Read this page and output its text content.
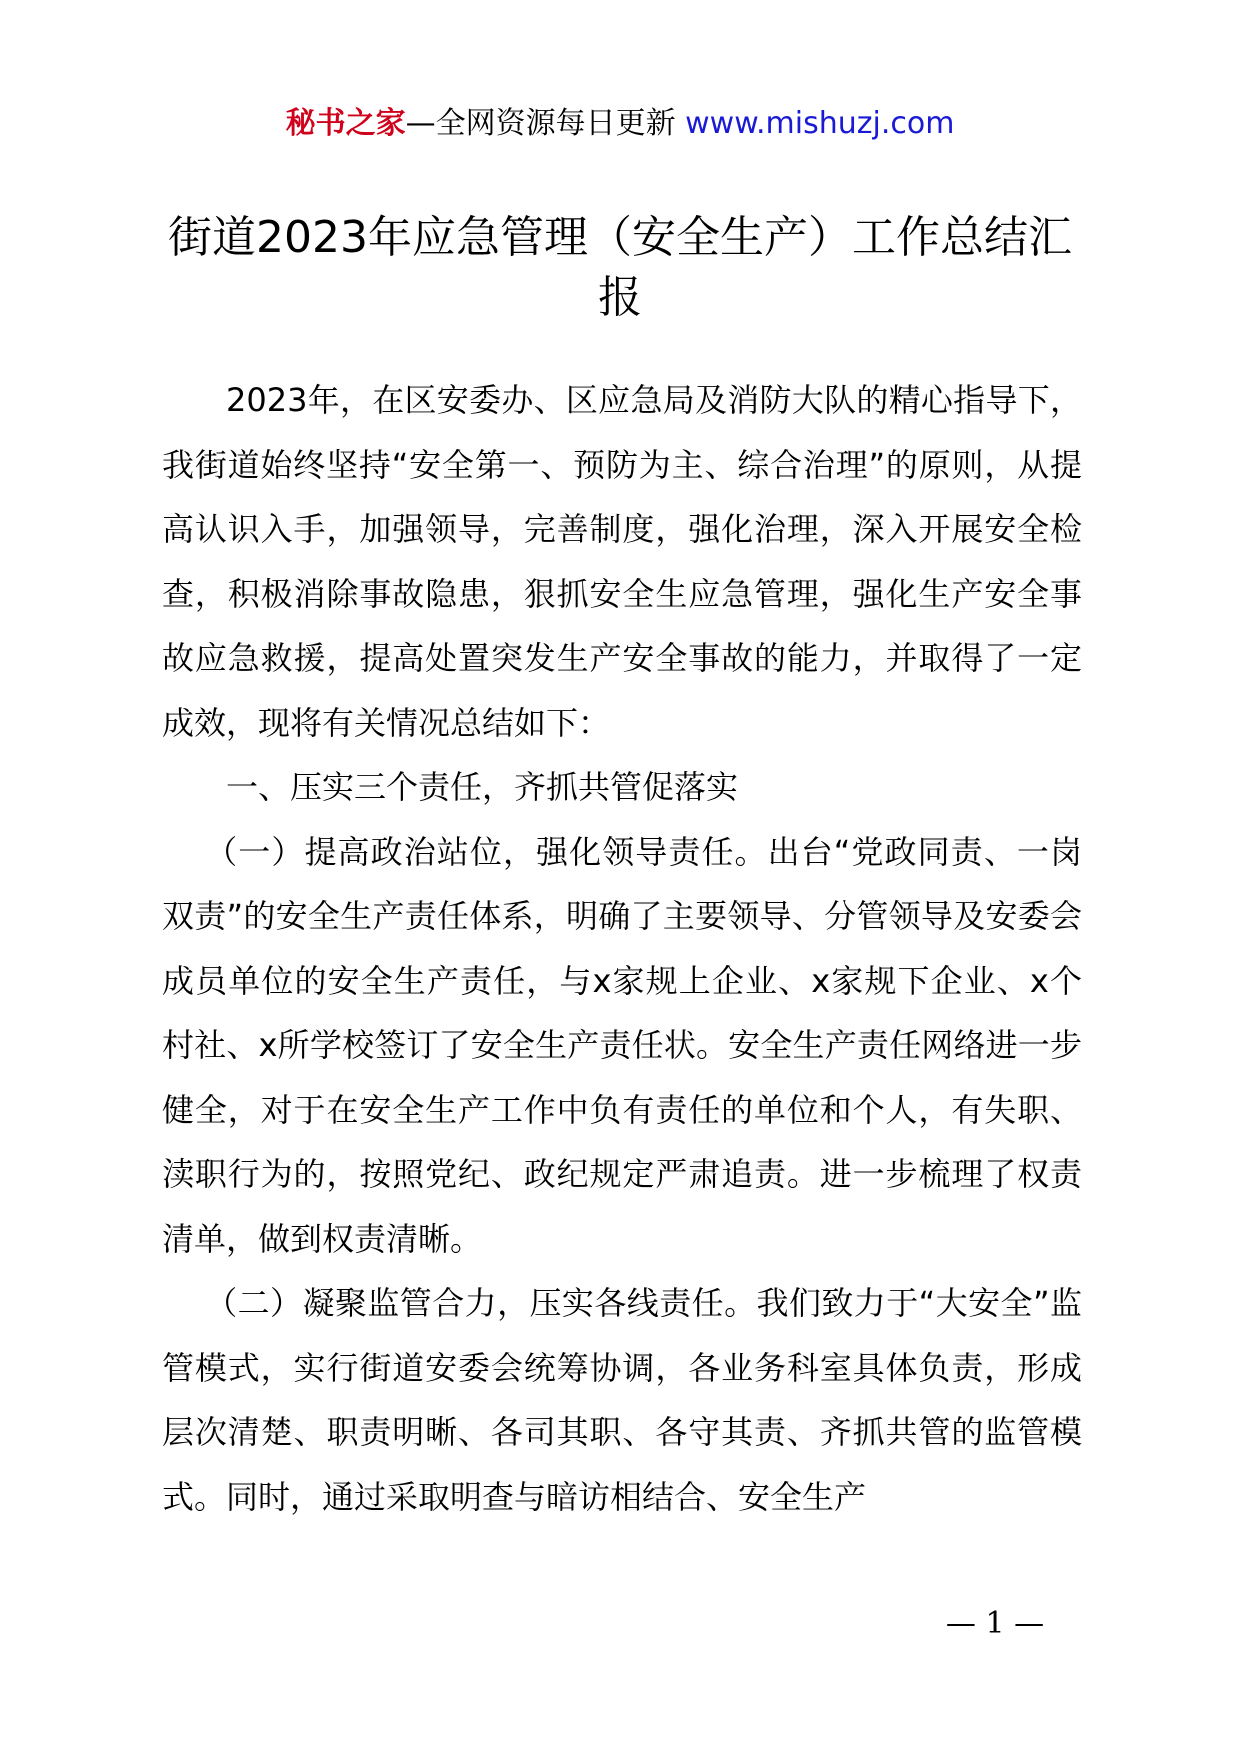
秘书之家—全网资源每日更新 www.mishuzj.com
街道2023年应急管理（安全生产）工作总结汇报

2023年，在区安委办、区应急局及消防大队的精心指导下，我街道始终坚持“安全第一、预防为主、综合治理”的原则，从提高认识入手，加强领导，完善制度，强化治理，深入开展安全检查，积极消除事故隐患，狠抓安全生应急管理，强化生产安全事故应急救援，提高处置突发生产安全事故的能力，并取得了一定成效，现将有关情况总结如下：

一、压实三个责任，齐抓共管促落实

（一）提高政治站位，强化领导责任。出台“党政同责、一岗双责”的安全生产责任体系，明确了主要领导、分管领导及安委会成员单位的安全生产责任，与x家规上企业、x家规下企业、x个村社、x所学校签订了安全生产责任状。安全生产责任网络进一步健全，对于在安全生产工作中负有责任的单位和个人，有失职、渎职行为的，按照党纪、政纪规定严肃追责。进一步梳理了权责清单，做到权责清晰。

（二）凝聚监管合力，压实各线责任。我们致力于“大安全”监管模式，实行街道安委会统筹协调，各业务科室具体负责，形成层次清楚、职责明晰、各司其职、各守其责、齐抓共管的监管模式。同时，通过采取明查与暗访相结合、安全生产

— 1 —
